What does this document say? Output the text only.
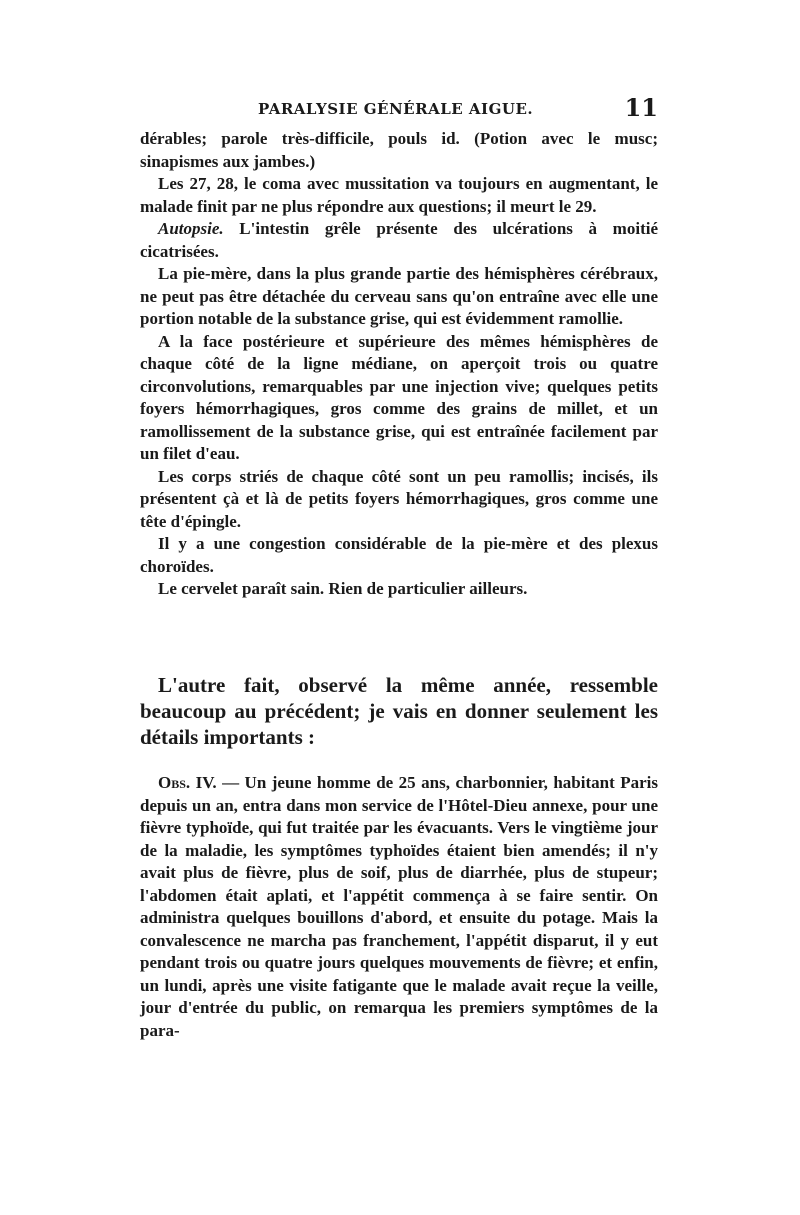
PARALYSIE GÉNÉRALE AIGUE.	11

dérables; parole très-difficile, pouls id. (Potion avec le musc; sinapismes aux jambes.)

Les 27, 28, le coma avec mussitation va toujours en augmentant, le malade finit par ne plus répondre aux questions; il meurt le 29.

Autopsie. L'intestin grêle présente des ulcérations à moitié cicatrisées.

La pie-mère, dans la plus grande partie des hémisphères cérébraux, ne peut pas être détachée du cerveau sans qu'on entraîne avec elle une portion notable de la substance grise, qui est évidemment ramollie.

A la face postérieure et supérieure des mêmes hémisphères de chaque côté de la ligne médiane, on aperçoit trois ou quatre circonvolutions, remarquables par une injection vive; quelques petits foyers hémorrhagiques, gros comme des grains de millet, et un ramollissement de la substance grise, qui est entraînée facilement par un filet d'eau.

Les corps striés de chaque côté sont un peu ramollis; incisés, ils présentent çà et là de petits foyers hémorrhagiques, gros comme une tête d'épingle.

Il y a une congestion considérable de la pie-mère et des plexus choroïdes.

Le cervelet paraît sain. Rien de particulier ailleurs.

L'autre fait, observé la même année, ressemble beaucoup au précédent; je vais en donner seulement les détails importants :

Obs. IV. — Un jeune homme de 25 ans, charbonnier, habitant Paris depuis un an, entra dans mon service de l'Hôtel-Dieu annexe, pour une fièvre typhoïde, qui fut traitée par les évacuants. Vers le vingtième jour de la maladie, les symptômes typhoïdes étaient bien amendés; il n'y avait plus de fièvre, plus de soif, plus de diarrhée, plus de stupeur; l'abdomen était aplati, et l'appétit commença à se faire sentir. On administra quelques bouillons d'abord, et ensuite du potage. Mais la convalescence ne marcha pas franchement, l'appétit disparut, il y eut pendant trois ou quatre jours quelques mouvements de fièvre; et enfin, un lundi, après une visite fatigante que le malade avait reçue la veille, jour d'entrée du public, on remarqua les premiers symptômes de la para-
